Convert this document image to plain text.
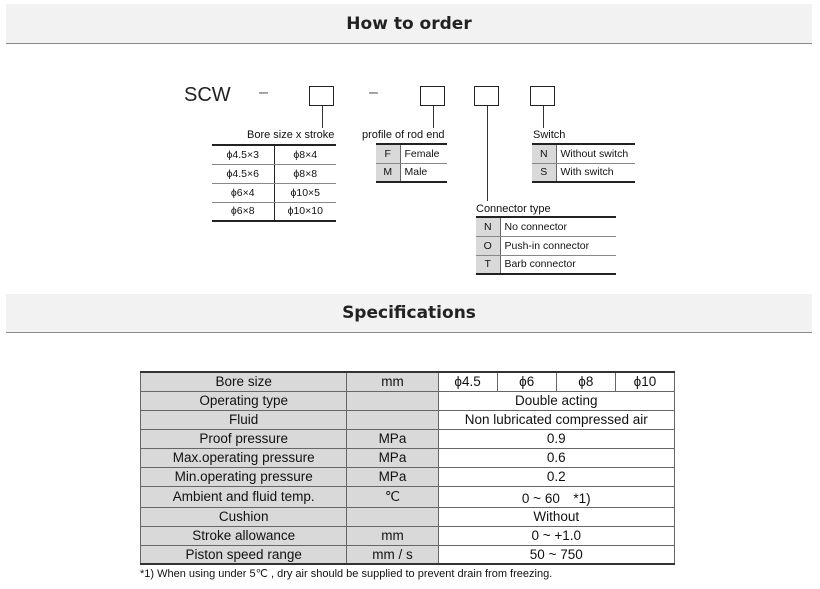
How to order
SCW –	–
Bore size x stroke
ϕ4.5×3	ϕ8×4
ϕ4.5×6	ϕ8×8
ϕ6×4	ϕ10×5
ϕ6×8	ϕ10×10
profile of rod end
F	Female
M	Male
Switch
N	Without switch
S	With switch
Connector type
N	No connector
O	Push-in connector
T	Barb connector
Specifications
Bore size	mm	ϕ4.5	ϕ6	ϕ8	ϕ10
Operating type		Double acting			
Fluid		Non lubricated compressed air			
Proof pressure	MPa	0.9			
Max.operating pressure	MPa	0.6			
Min.operating pressure	MPa	0.2			
Ambient and fluid temp.	℃	0 ~ 60　*1)			
Cushion		Without			
Stroke allowance	mm	0 ~ +1.0			
Piston speed range	mm / s	50 ~ 750			
*1) When using under 5℃ , dry air should be supplied to prevent drain from freezing.
